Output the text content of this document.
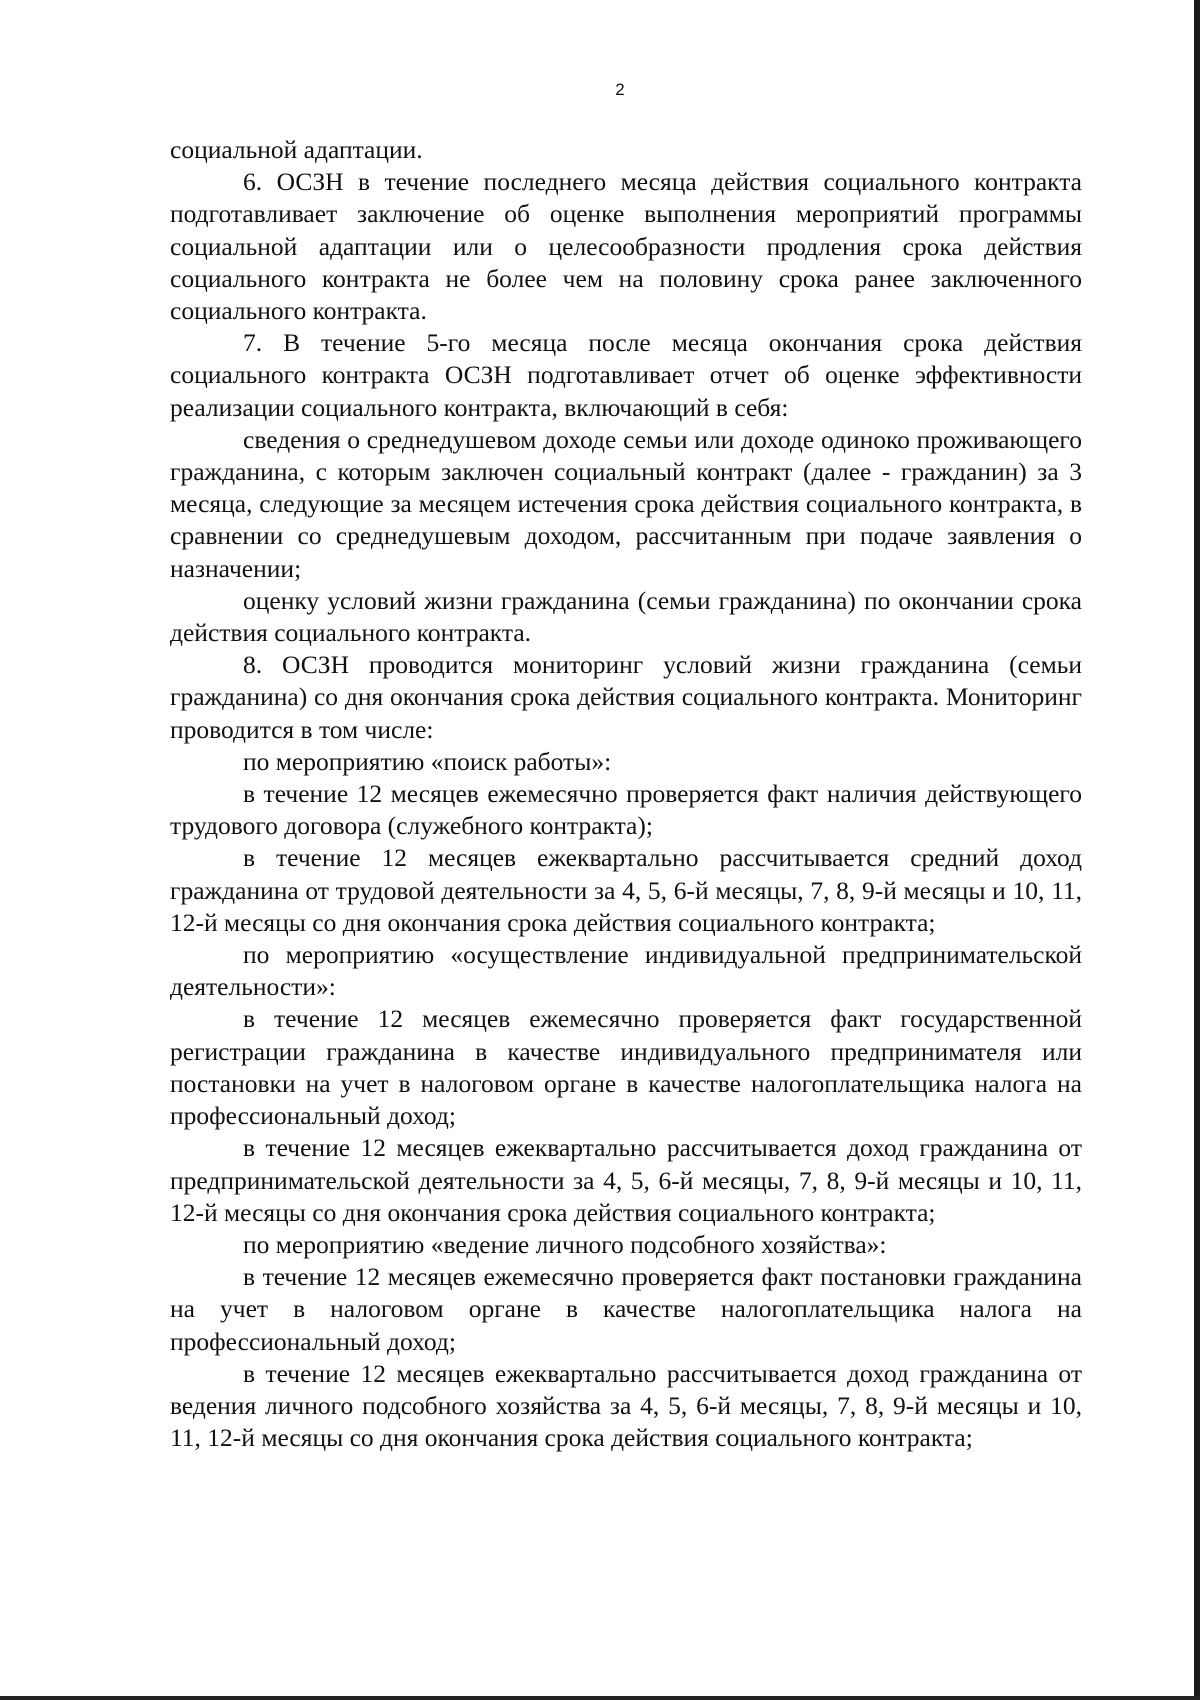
2

социальной адаптации.

6. ОСЗН в течение последнего месяца действия социального контракта подготавливает заключение об оценке выполнения мероприятий программы социальной адаптации или о целесообразности продления срока действия социального контракта не более чем на половину срока ранее заключенного социального контракта.

7. В течение 5-го месяца после месяца окончания срока действия социального контракта ОСЗН подготавливает отчет об оценке эффективности реализации социального контракта, включающий в себя:

сведения о среднедушевом доходе семьи или доходе одиноко проживающего гражданина, с которым заключен социальный контракт (далее - гражданин) за 3 месяца, следующие за месяцем истечения срока действия социального контракта, в сравнении со среднедушевым доходом, рассчитанным при подаче заявления о назначении;

оценку условий жизни гражданина (семьи гражданина) по окончании срока действия социального контракта.

8. ОСЗН проводится мониторинг условий жизни гражданина (семьи гражданина) со дня окончания срока действия социального контракта. Мониторинг проводится в том числе:

по мероприятию «поиск работы»:

в течение 12 месяцев ежемесячно проверяется факт наличия действующего трудового договора (служебного контракта);

в течение 12 месяцев ежеквартально рассчитывается средний доход гражданина от трудовой деятельности за 4, 5, 6-й месяцы, 7, 8, 9-й месяцы и 10, 11, 12-й месяцы со дня окончания срока действия социального контракта;

по мероприятию «осуществление индивидуальной предпринимательской деятельности»:

в течение 12 месяцев ежемесячно проверяется факт государственной регистрации гражданина в качестве индивидуального предпринимателя или постановки на учет в налоговом органе в качестве налогоплательщика налога на профессиональный доход;

в течение 12 месяцев ежеквартально рассчитывается доход гражданина от предпринимательской деятельности за 4, 5, 6-й месяцы, 7, 8, 9-й месяцы и 10, 11, 12-й месяцы со дня окончания срока действия социального контракта;

по мероприятию «ведение личного подсобного хозяйства»:

в течение 12 месяцев ежемесячно проверяется факт постановки гражданина на учет в налоговом органе в качестве налогоплательщика налога на профессиональный доход;

в течение 12 месяцев ежеквартально рассчитывается доход гражданина от ведения личного подсобного хозяйства за 4, 5, 6-й месяцы, 7, 8, 9-й месяцы и 10, 11, 12-й месяцы со дня окончания срока действия социального контракта;
